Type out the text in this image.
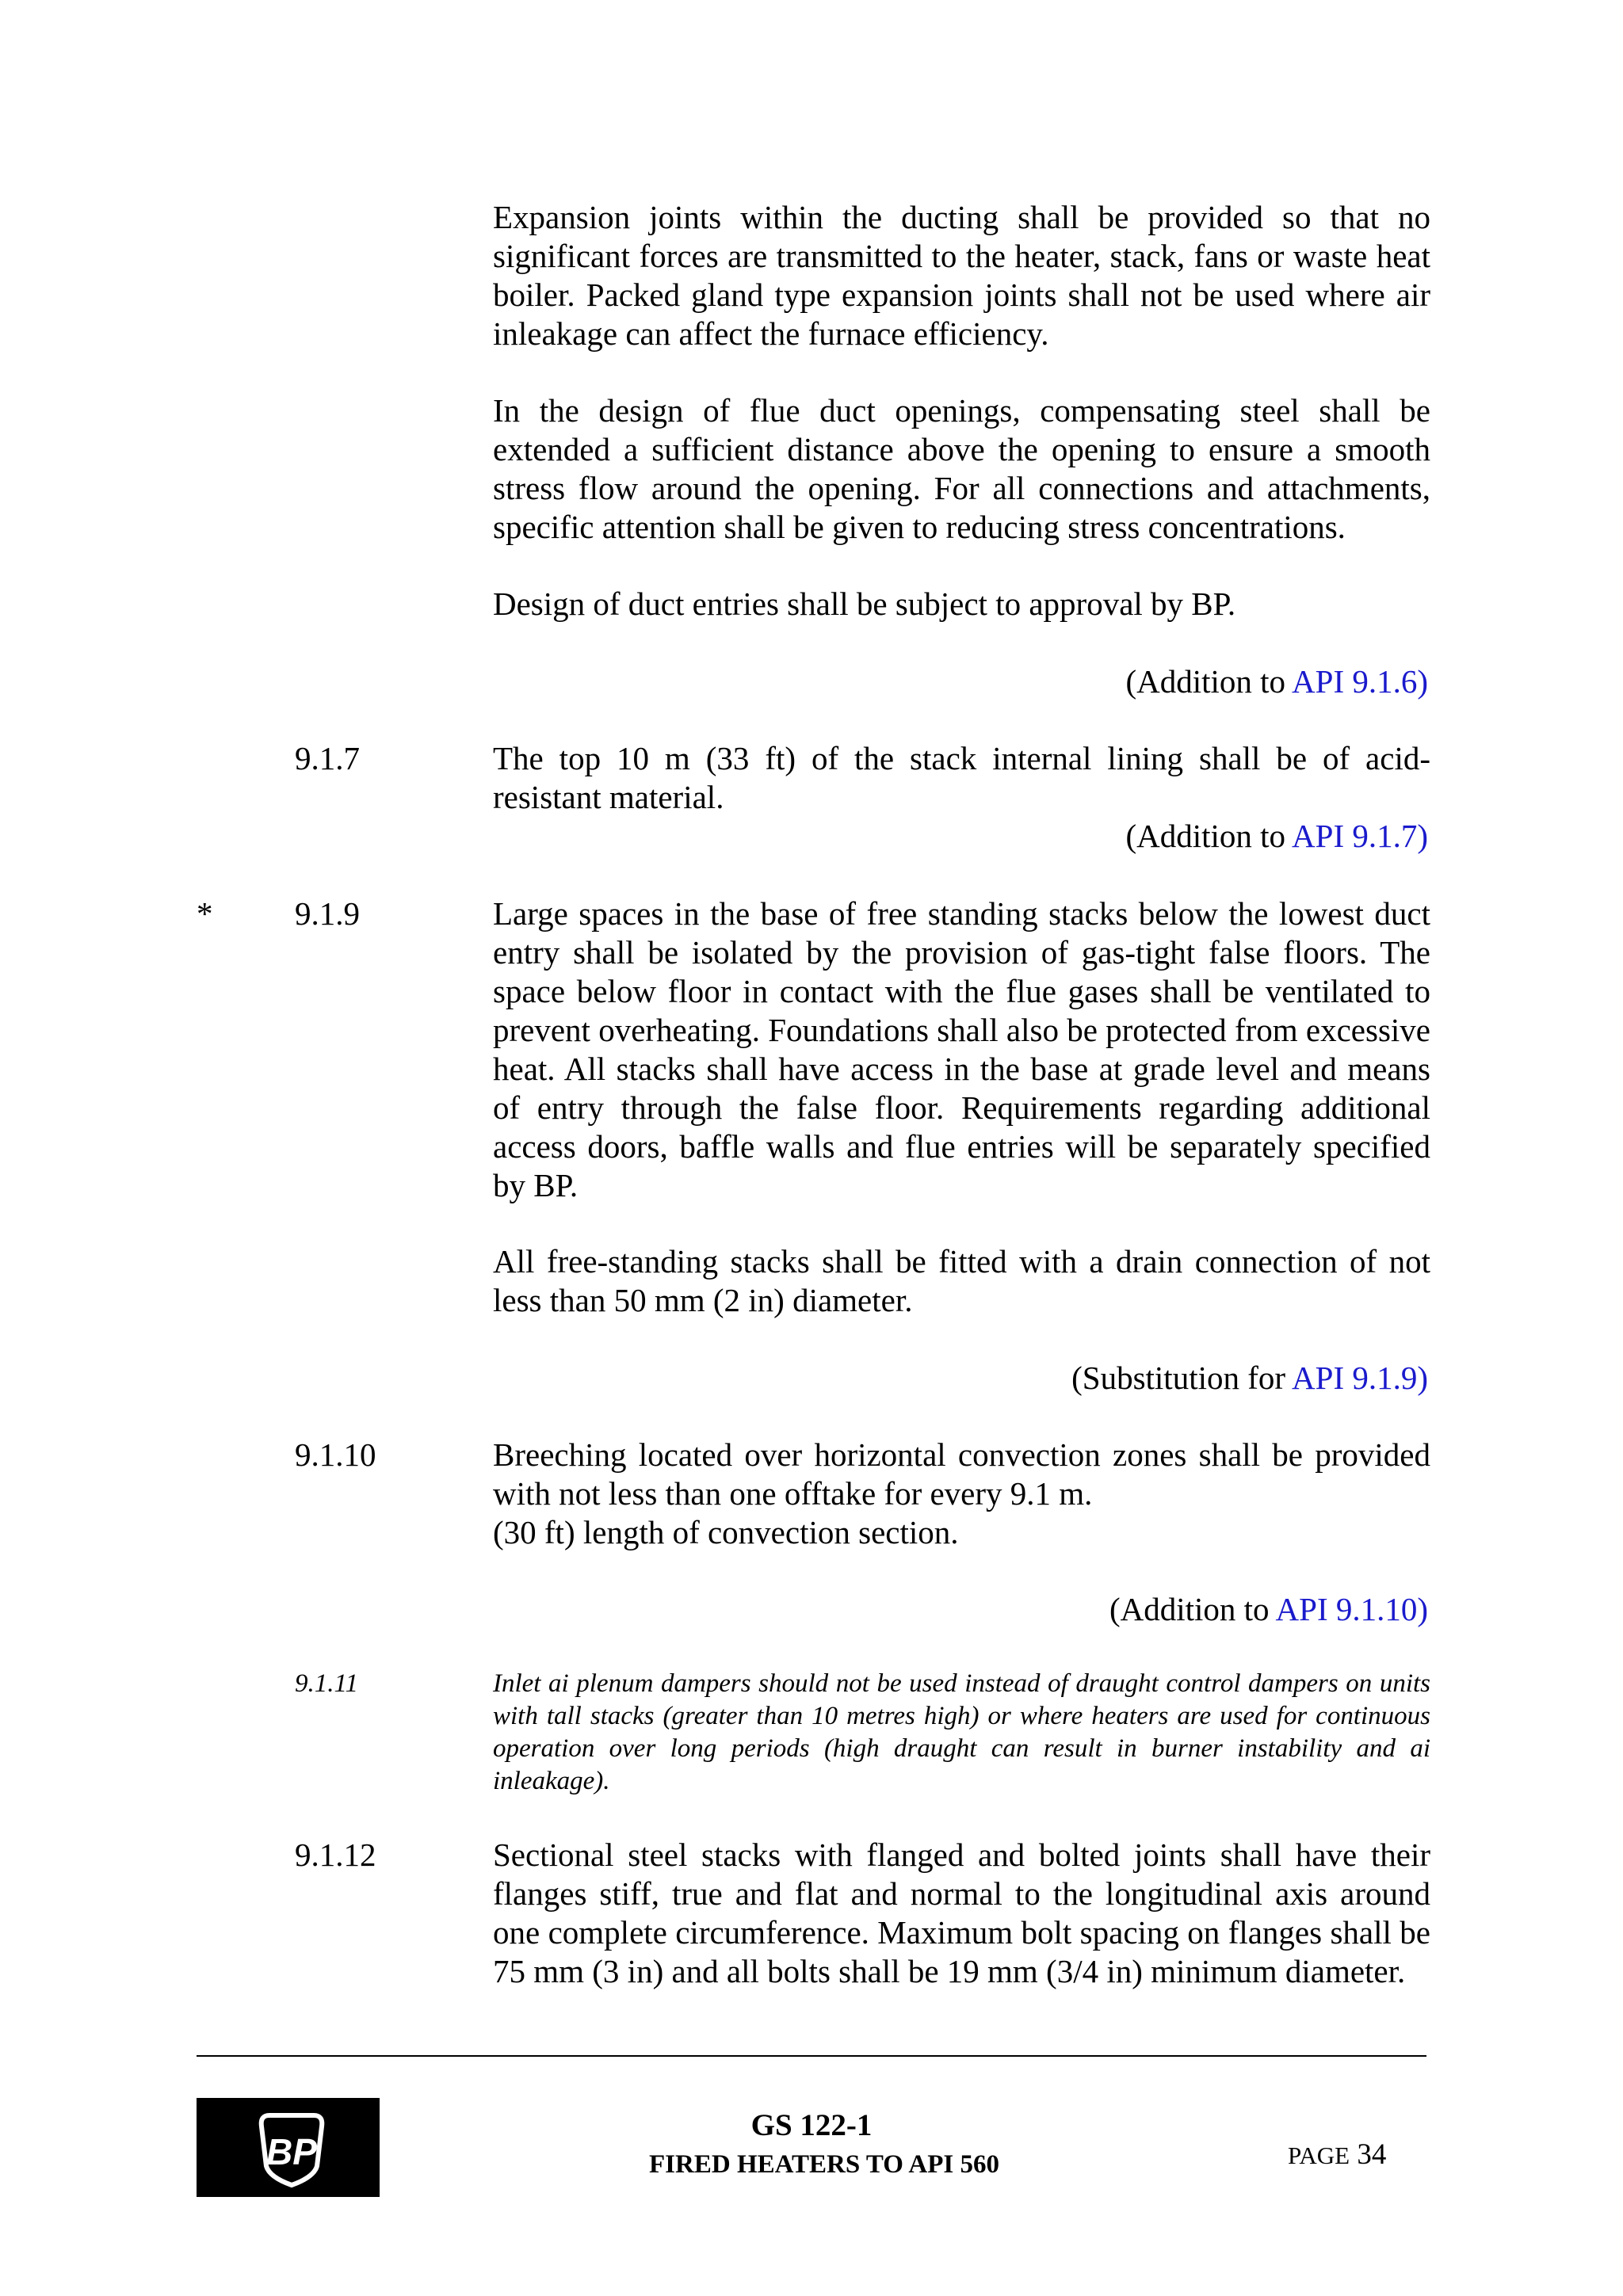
Expansion joints within the ducting shall be provided so that no significant forces are transmitted to the heater, stack, fans or waste heat boiler. Packed gland type expansion joints shall not be used where air inleakage can affect the furnace efficiency.
In the design of flue duct openings, compensating steel shall be extended a sufficient distance above the opening to ensure a smooth stress flow around the opening. For all connections and attachments, specific attention shall be given to reducing stress concentrations.
Design of duct entries shall be subject to approval by BP.
(Addition to API 9.1.6)
9.1.7	The top 10 m (33 ft) of the stack internal lining shall be of acid-resistant material.
(Addition to API 9.1.7)
*	9.1.9	Large spaces in the base of free standing stacks below the lowest duct entry shall be isolated by the provision of gas-tight false floors. The space below floor in contact with the flue gases shall be ventilated to prevent overheating. Foundations shall also be protected from excessive heat. All stacks shall have access in the base at grade level and means of entry through the false floor. Requirements regarding additional access doors, baffle walls and flue entries will be separately specified by BP.
All free-standing stacks shall be fitted with a drain connection of not less than 50 mm (2 in) diameter.
(Substitution for API 9.1.9)
9.1.10	Breeching located over horizontal convection zones shall be provided with not less than one offtake for every 9.1 m.
(30 ft) length of convection section.
(Addition to API 9.1.10)
9.1.11	Inlet ai plenum dampers should not be used instead of draught control dampers on units with tall stacks (greater than 10 metres high) or where heaters are used for continuous operation over long periods (high draught can result in burner instability and ai inleakage).
9.1.12	Sectional steel stacks with flanged and bolted joints shall have their flanges stiff, true and flat and normal to the longitudinal axis around one complete circumference. Maximum bolt spacing on flanges shall be 75 mm (3 in) and all bolts shall be 19 mm (3/4 in) minimum diameter.
BP
GS 122-1
FIRED HEATERS TO API 560	PAGE 34
